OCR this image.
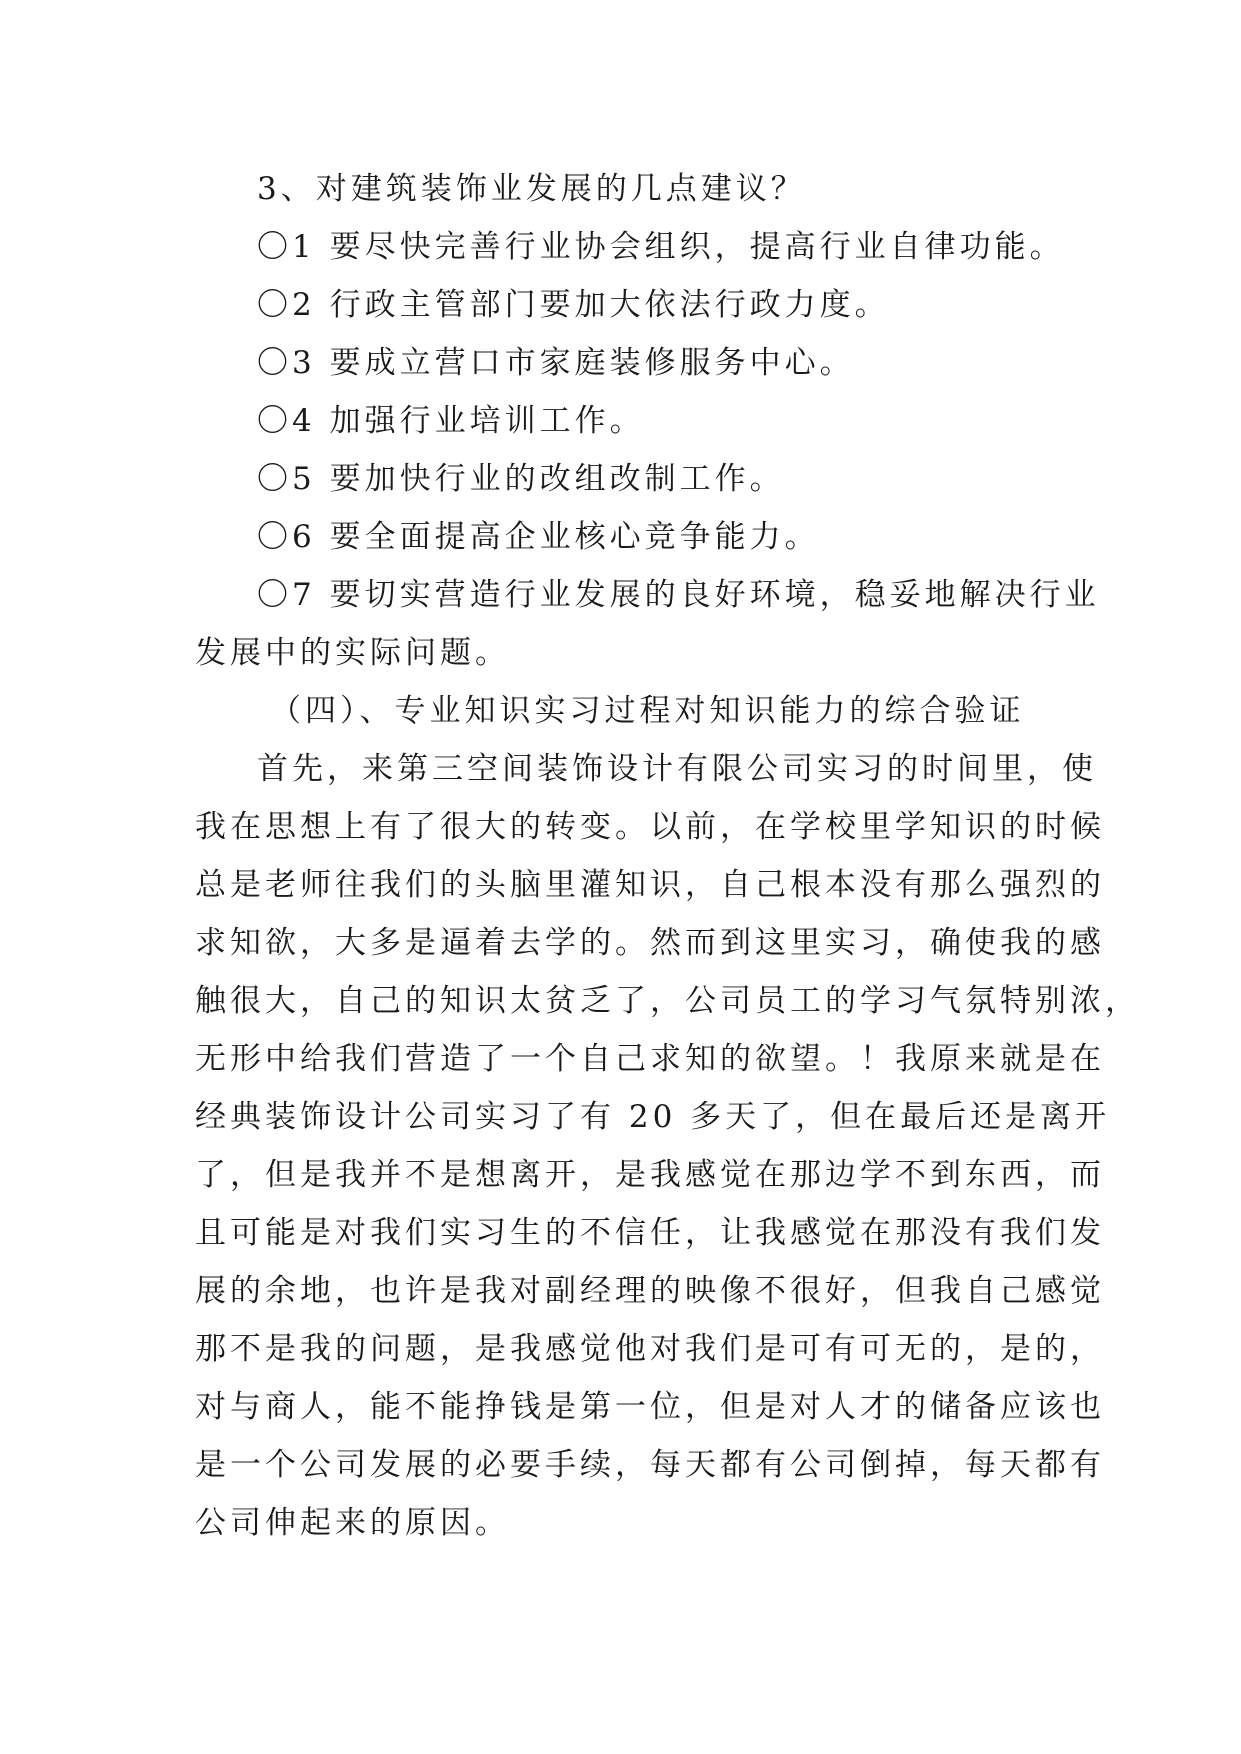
3、对建筑装饰业发展的几点建议？
〇1 要尽快完善行业协会组织，提高行业自律功能。
〇2 行政主管部门要加大依法行政力度。
〇3 要成立营口市家庭装修服务中心。
〇4 加强行业培训工作。
〇5 要加快行业的改组改制工作。
〇6 要全面提高企业核心竞争能力。
〇7 要切实营造行业发展的良好环境，稳妥地解决行业
发展中的实际问题。
（四）、专业知识实习过程对知识能力的综合验证
首先，来第三空间装饰设计有限公司实习的时间里，使
我在思想上有了很大的转变。以前，在学校里学知识的时候
总是老师往我们的头脑里灌知识，自己根本没有那么强烈的
求知欲，大多是逼着去学的。然而到这里实习，确使我的感
触很大，自己的知识太贫乏了，公司员工的学习气氛特别浓，
无形中给我们营造了一个自己求知的欲望。！我原来就是在
经典装饰设计公司实习了有 20 多天了，但在最后还是离开
了，但是我并不是想离开，是我感觉在那边学不到东西，而
且可能是对我们实习生的不信任，让我感觉在那没有我们发
展的余地，也许是我对副经理的映像不很好，但我自己感觉
那不是我的问题，是我感觉他对我们是可有可无的，是的，
对与商人，能不能挣钱是第一位，但是对人才的储备应该也
是一个公司发展的必要手续，每天都有公司倒掉，每天都有
公司伸起来的原因。
